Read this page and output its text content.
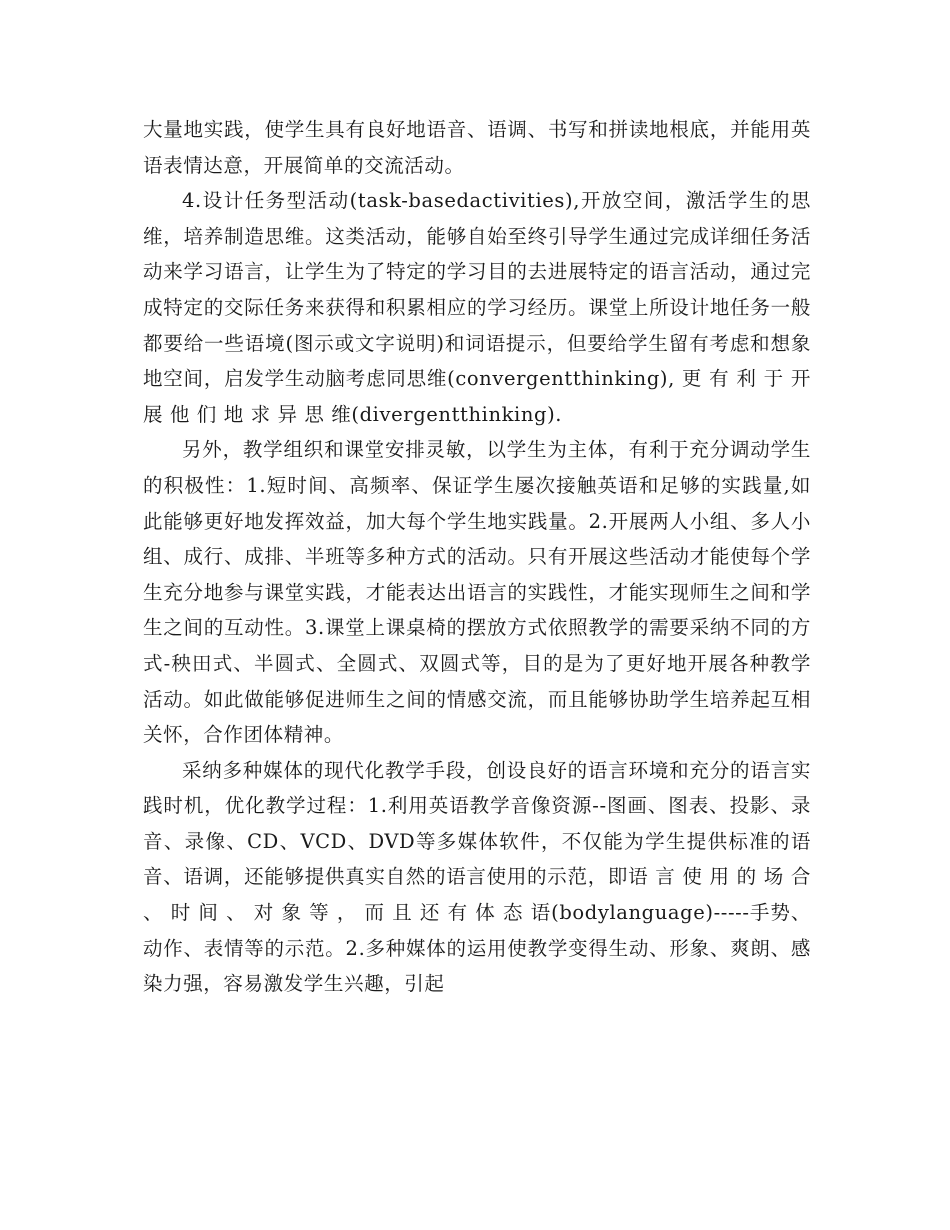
大量地实践，使学生具有良好地语音、语调、书写和拼读地根底，并能用英语表情达意，开展简单的交流活动。

4.设计任务型活动(task-basedactivities),开放空间，激活学生的思维，培养制造思维。这类活动，能够自始至终引导学生通过完成详细任务活动来学习语言，让学生为了特定的学习目的去进展特定的语言活动，通过完成特定的交际任务来获得和积累相应的学习经历。课堂上所设计地任务一般都要给一些语境(图示或文字说明)和词语提示，但要给学生留有考虑和想象地空间，启发学生动脑考虑同思维(convergentthinking), 更 有 利 于 开 展 他 们 地 求 异 思 维(divergentthinking).

另外，教学组织和课堂安排灵敏，以学生为主体，有利于充分调动学生的积极性：1.短时间、高频率、保证学生屡次接触英语和足够的实践量,如此能够更好地发挥效益，加大每个学生地实践量。2.开展两人小组、多人小组、成行、成排、半班等多种方式的活动。只有开展这些活动才能使每个学生充分地参与课堂实践，才能表达出语言的实践性，才能实现师生之间和学生之间的互动性。3.课堂上课桌椅的摆放方式依照教学的需要采纳不同的方式-秧田式、半圆式、全圆式、双圆式等，目的是为了更好地开展各种教学活动。如此做能够促进师生之间的情感交流，而且能够协助学生培养起互相关怀，合作团体精神。

采纳多种媒体的现代化教学手段，创设良好的语言环境和充分的语言实践时机，优化教学过程：1.利用英语教学音像资源--图画、图表、投影、录音、录像、CD、VCD、DVD等多媒体软件，不仅能为学生提供标准的语音、语调，还能够提供真实自然的语言使用的示范，即语 言 使 用 的 场 合 、 时 间 、 对 象 等 ， 而 且 还 有 体 态 语(bodylanguage)-----手势、动作、表情等的示范。2.多种媒体的运用使教学变得生动、形象、爽朗、感染力强，容易激发学生兴趣，引起
